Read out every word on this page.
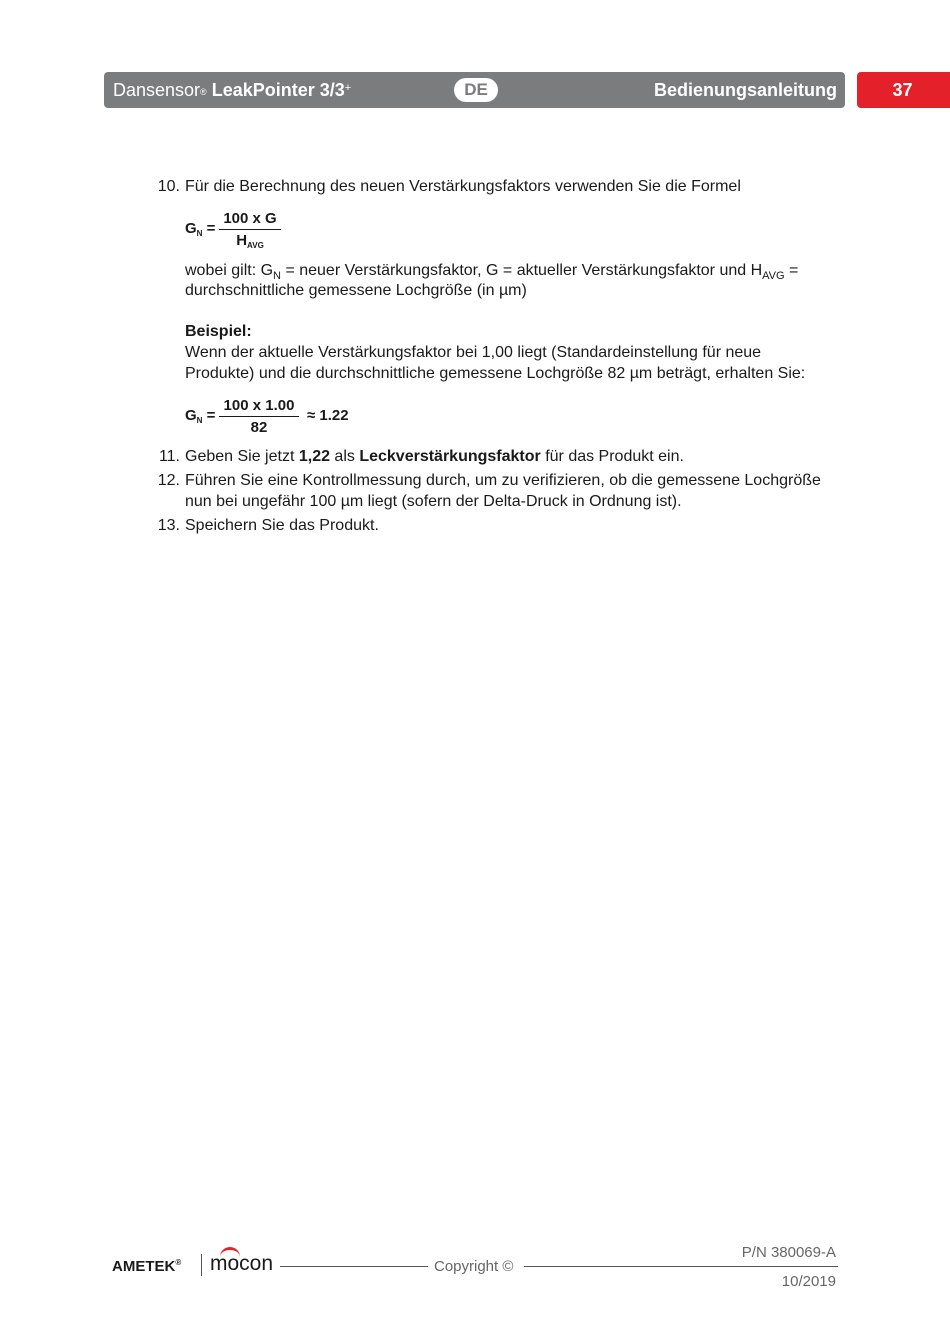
Dansensor® LeakPointer 3/3+	DE	Bedienungsanleitung	37
10. Für die Berechnung des neuen Verstärkungsfaktors verwenden Sie die Formel
$G_N$ =
100 x G
$H_{AVG}$
wobei gilt: $G_N$ = neuer Verstärkungsfaktor, G = aktueller Verstärkungsfaktor und $H_{AVG}$ =
durchschnittliche gemessene Lochgröße (in µm)
Beispiel:
Wenn der aktuelle Verstärkungsfaktor bei 1,00 liegt (Standardeinstellung für neue
Produkte) und die durchschnittliche gemessene Lochgröße 82 µm beträgt, erhalten Sie:
$G_N = \frac{100 x 1.00}{82} \approx 1.22$
11. Geben Sie jetzt 1,22 als Leckverstärkungsfaktor für das Produkt ein.
12. Führen Sie eine Kontrollmessung durch, um zu verifizieren, ob die gemessene Lochgröße
nun bei ungefähr 100 µm liegt (sofern der Delta-Druck in Ordnung ist).
13. Speichern Sie das Produkt.
AMETEK® mocon	Copyright ©
P/N 380069-A
10/2019
